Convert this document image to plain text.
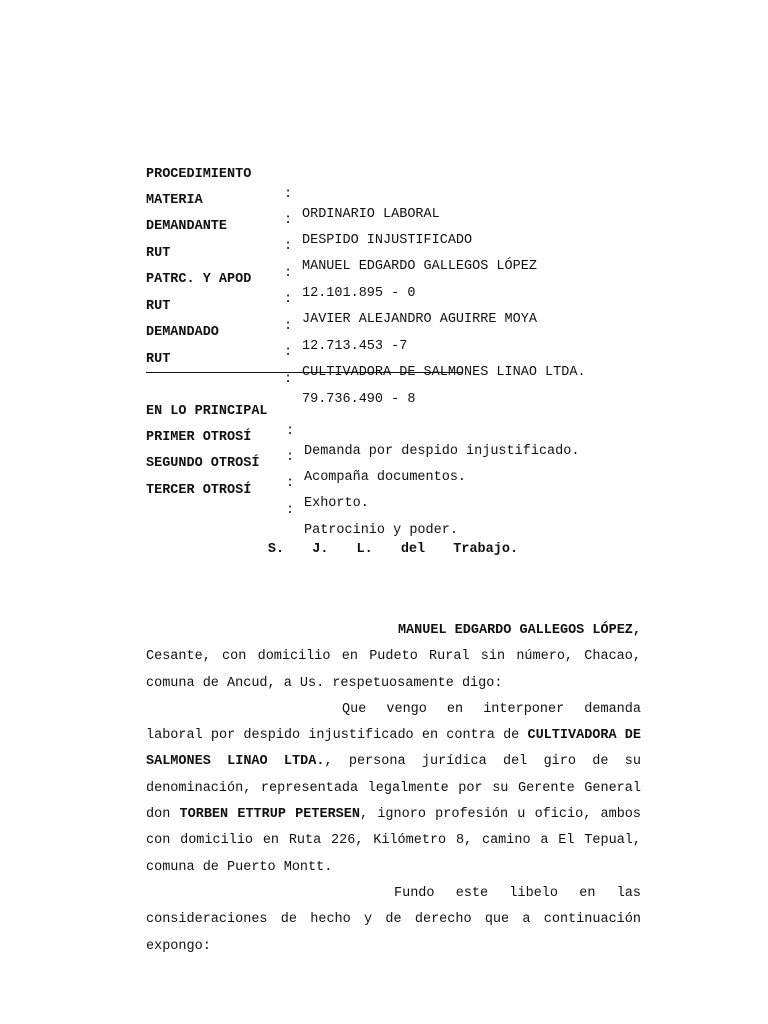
PROCEDIMIENTO

:

ORDINARIO LABORAL

MATERIA

:

DESPIDO INJUSTIFICADO

DEMANDANTE

:

MANUEL EDGARDO GALLEGOS LÓPEZ

RUT

:

12.101.895 - 0

PATRC. Y APOD

:

JAVIER ALEJANDRO AGUIRRE MOYA

RUT

:

12.713.453 -7

DEMANDADO

:

CULTIVADORA DE SALMONES LINAO LTDA.

RUT

:

79.736.490 - 8

EN LO PRINCIPAL

:

Demanda por despido injustificado.

PRIMER OTROSÍ

:

Acompaña documentos.

SEGUNDO OTROSÍ

:

Exhorto.

TERCER OTROSÍ

:

Patrocinio y poder.

S. J. L. del Trabajo.

MANUEL EDGARDO GALLEGOS LÓPEZ,

Cesante, con domicilio en Pudeto Rural sin número, Chacao, comuna de Ancud, a Us. respetuosamente digo:

Que vengo en interponer demanda laboral por despido injustificado en contra de CULTIVADORA DE SALMONES LINAO LTDA., persona jurídica del giro de su denominación, representada legalmente por su Gerente General don TORBEN ETTRUP PETERSEN, ignoro profesión u oficio, ambos con domicilio en Ruta 226, Kilómetro 8, camino a El Tepual, comuna de Puerto Montt.

Fundo este libelo en las consideraciones de hecho y de derecho que a continuación expongo:
